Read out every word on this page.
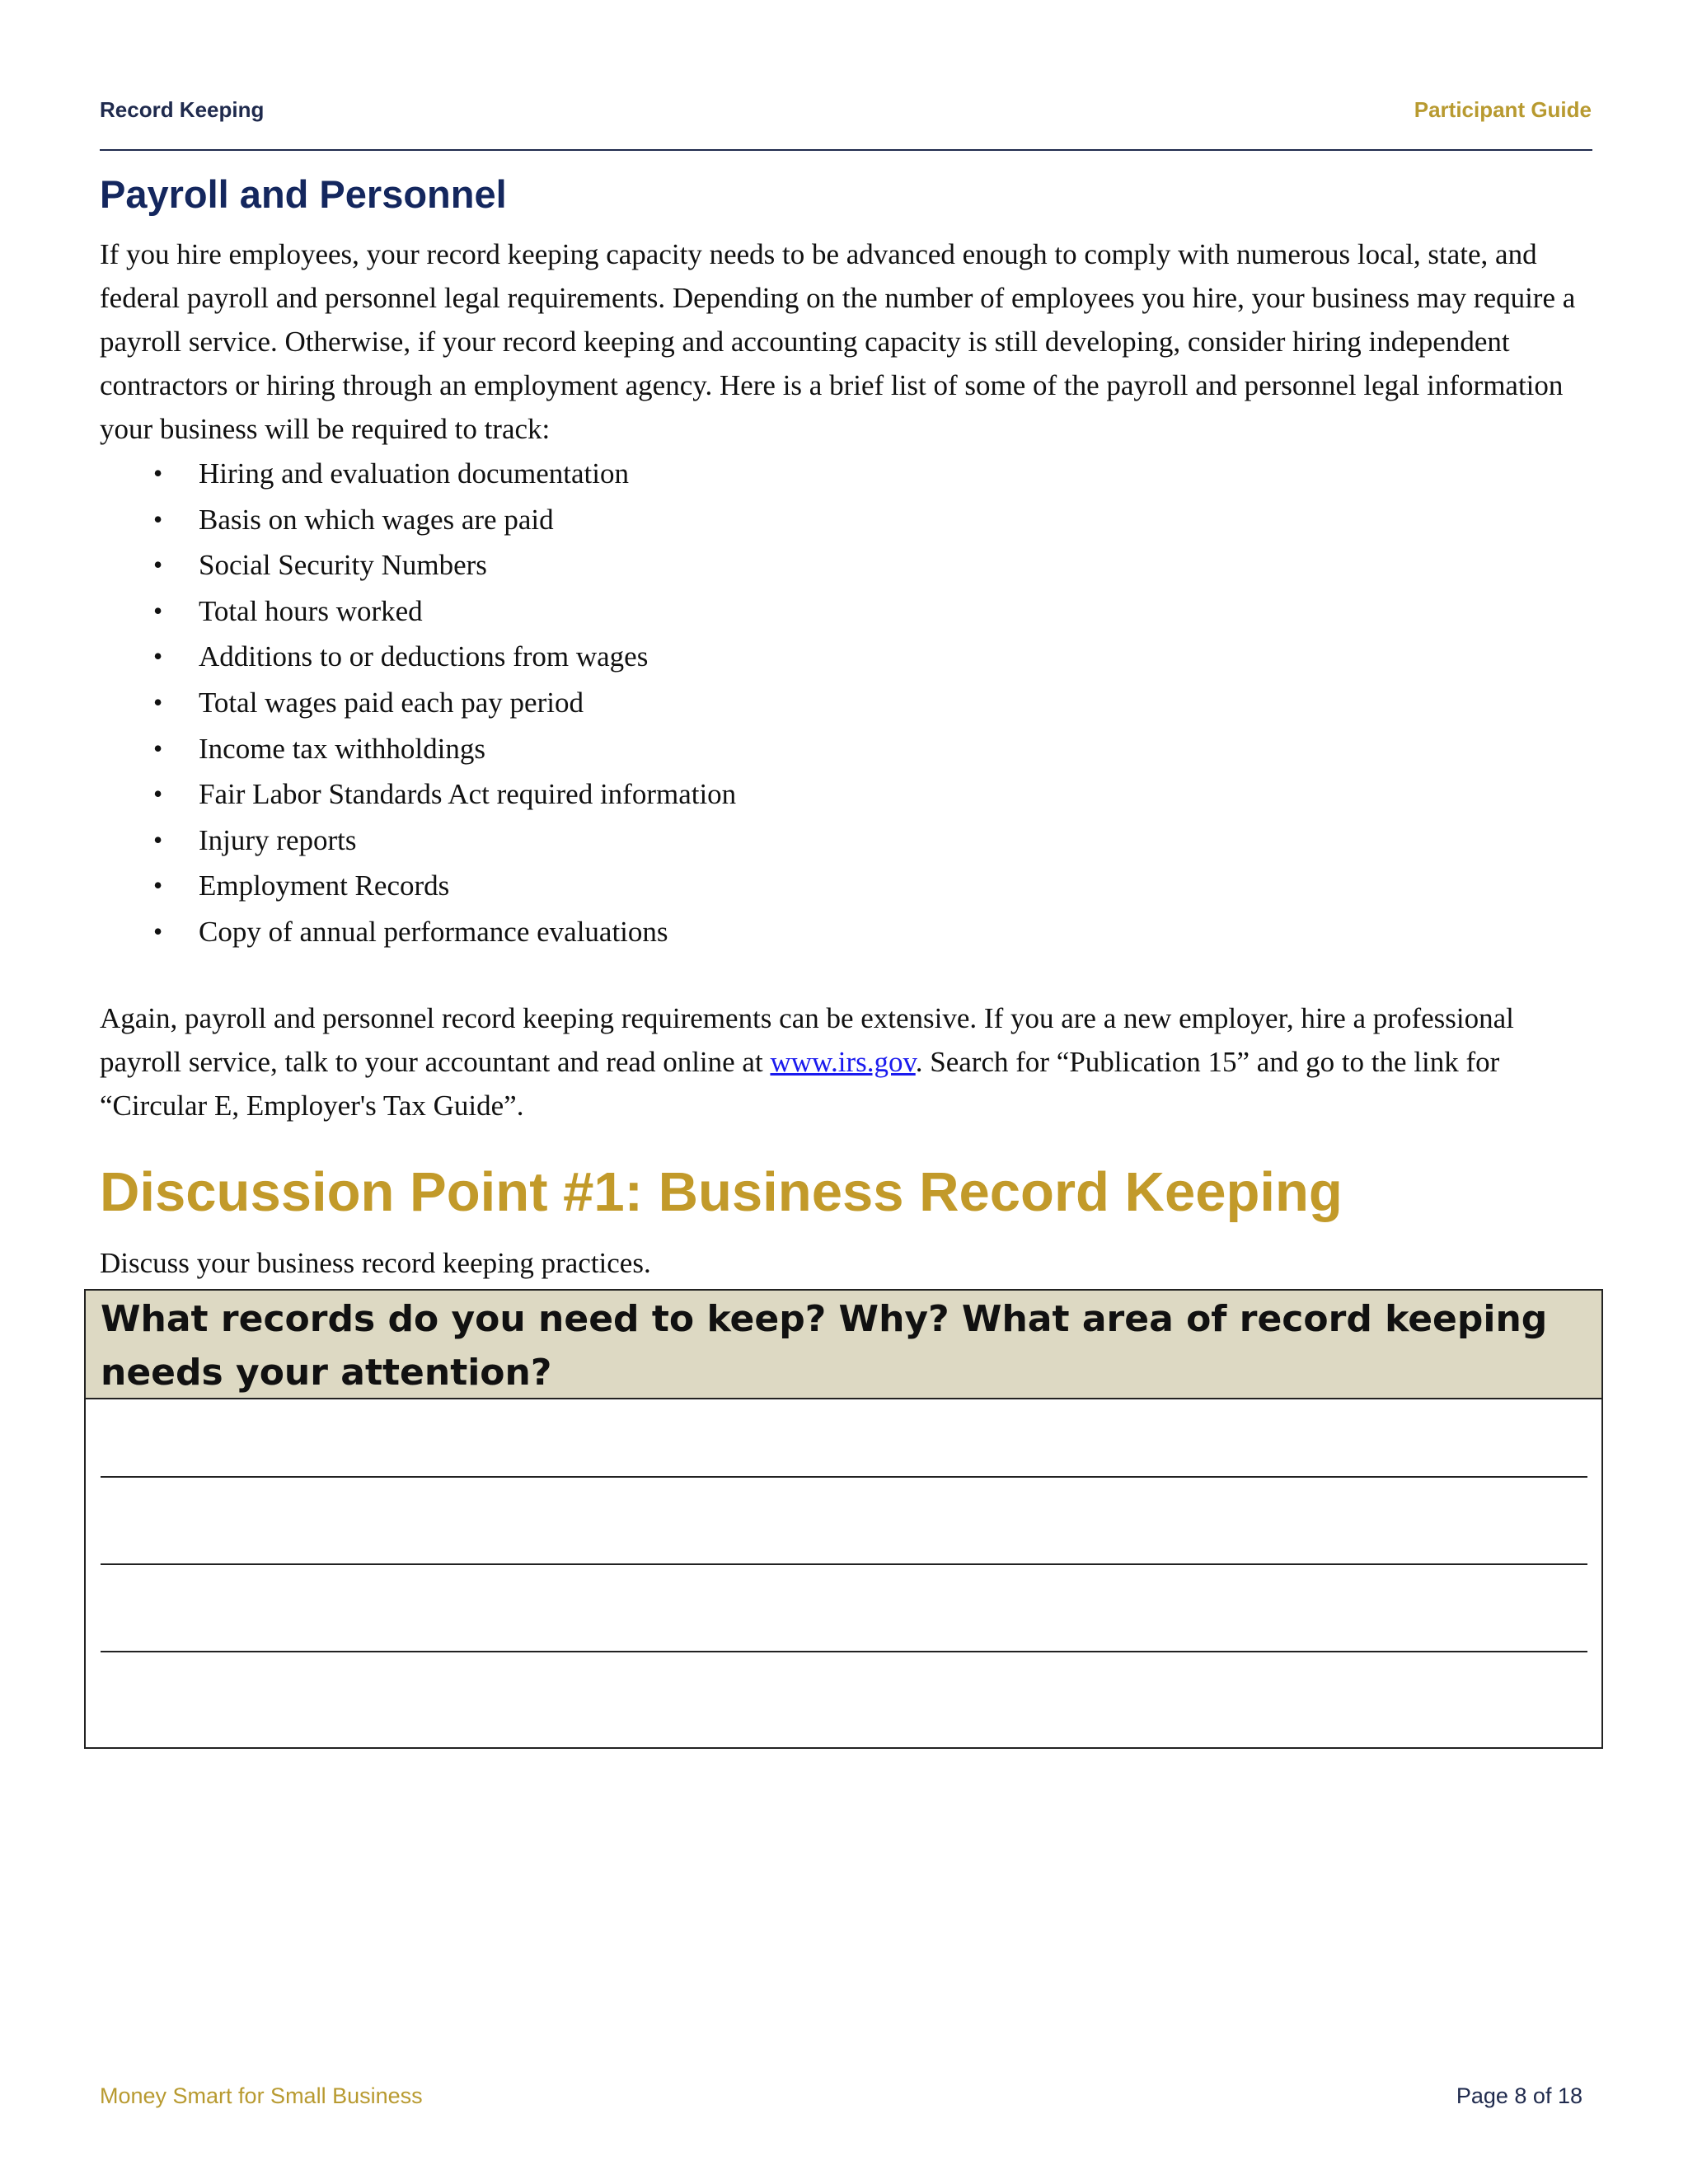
Record Keeping	Participant Guide
Payroll and Personnel

If you hire employees, your record keeping capacity needs to be advanced enough to comply with numerous local, state, and federal payroll and personnel legal requirements. Depending on the number of employees you hire, your business may require a payroll service. Otherwise, if your record keeping and accounting capacity is still developing, consider hiring independent contractors or hiring through an employment agency. Here is a brief list of some of the payroll and personnel legal information your business will be required to track:

• Hiring and evaluation documentation
• Basis on which wages are paid
• Social Security Numbers
• Total hours worked
• Additions to or deductions from wages
• Total wages paid each pay period
• Income tax withholdings
• Fair Labor Standards Act required information
• Injury reports
• Employment Records
• Copy of annual performance evaluations

Again, payroll and personnel record keeping requirements can be extensive. If you are a new employer, hire a professional payroll service, talk to your accountant and read online at www.irs.gov. Search for “Publication 15” and go to the link for “Circular E, Employer's Tax Guide”.

Discussion Point #1: Business Record Keeping

Discuss your business record keeping practices.

What records do you need to keep? Why? What area of record keeping needs your attention?
Money Smart for Small Business	Page 8 of 18
